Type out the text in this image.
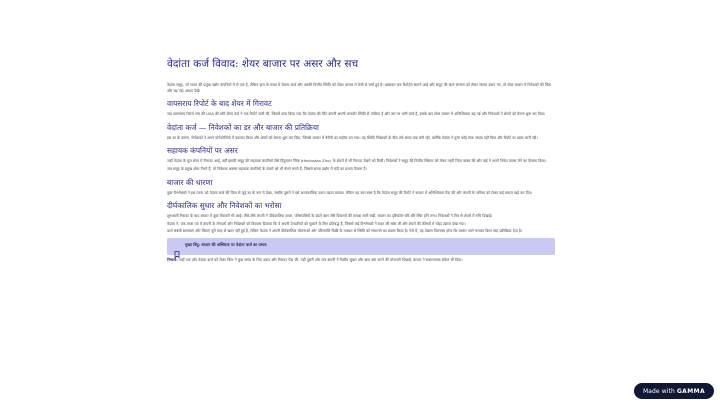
वेदांता कर्ज विवाद: शेयर बाजार पर असर और सच

वेदांता समूह, जो भारत की प्रमुख उद्योग कंपनियों में से एक है, लेकिन हाल के समय में वेदांता कर्ज और उसकी वित्तीय स्थिति को लेकर बाजार में तेजी से चर्चा हुई है। खासकर जब रिपोर्ट्स सामने आईं और समूह की ऋण संरचना को लेकर सवाल उठाए गए, तो शेयर बाजार में निवेशकों की चिंता और बढ़ गई। आइए देखें।

वायसराय रिपोर्ट के बाद शेयर में गिरावट

जब वायसराय रिसर्च नाम की USA की शॉर्ट सेलर फर्म ने एक रिपोर्ट जारी की, जिसमें दावा किया गया कि वेदांता की पैरेंट कंपनी अपनी कमजोर स्थिति से वाकिफ है और उस पर भारी कर्ज है, इसके बाद शेयर बाजार में अनिश्चितता बढ़ गई और निवेशकों ने शेयरों को बेचना शुरू कर दिया।

वेदांता कर्ज — निवेशकों का डर और बाजार की प्रतिक्रिया

इस डर के कारण, निवेशकों ने अपने पोर्टफोलियो में बदलाव किया और शेयरों को बेचना शुरू कर दिया, जिससे बाजार में बेचैनी का माहौल बन गया। यह स्थिति निवेशकों के बीच लंबे समय तक बनी रही, क्योंकि वेदांता ने तुरंत कोई स्पष्ट जवाब नहीं दिया और रिपोर्ट पर बहस जारी रही।

सहायक कंपनियों पर असर

जहाँ वेदांता के मूल शेयर में गिरावट आई, वहीं इसकी समूह की सहायक कंपनियों जैसे हिंदुस्तान जिंक (Hindustan Zinc) के शेयरों में भी गिरावट देखने को मिली। निवेशकों ने समूह की वित्तीय स्थिरता को लेकर गहरी चिंता व्यक्त की और कई ने अपने निवेश वापस लेने का फैसला किया।

जब समूह के प्रमुख शेयर गिरते हैं, तो निवेशक अक्सर सहायक कंपनियों के शेयरों को भी बेचने लगते हैं, जिससे समग्र उद्योग में मंदी का प्रभाव फैलता है।

बाजार की धारणा

कुछ विश्लेषकों ने इस घटना को वेदांता कर्ज की चिंता से जुड़े डर के रूप में देखा, जबकि दूसरों ने इसे अल्पकालिक उतार-चढ़ाव बताया। लेकिन यह बात स्पष्ट है कि वेदांता समूह की रिपोर्ट ने बाजार में अनिश्चितता पैदा की और कंपनी के भविष्य को लेकर कई सवाल खड़े कर दिए।

दीर्घकालिक सुधार और निवेशकों का भरोसा

शुरुआती गिरावट के बाद बाजार में कुछ रिकवरी भी आई। जैसे-जैसे कंपनी ने दीर्घकालिक उधार, परिसंपत्तियों के बदले ऋण जैसे विकल्पों की तलाश जारी रखी, बाजार का दृष्टिकोण धीरे-धीरे स्थिर होने लगा। निवेशकों ने फिर से शेयरों में रुचि दिखाई।

वेदांता ने, एक ताजा पत्र में कंपनी के लेनदारों और निवेशकों को विश्वास दिलाया कि वे अपनी देनदारियों को चुकाने के लिए प्रतिबद्ध हैं, जिससे कई विश्लेषकों ने राहत की सांस ली और शेयरों की कीमतों में थोड़ा उछाल देखा गया।

कर्ज संबंधी समस्याएं और चिंताएं पूरी तरह से खत्म नहीं हुई हैं, लेकिन वेदांता ने अपनी दीर्घकालिक योजनाओं और परिसंपत्ति बिक्री के माध्यम से स्थिति को संभालने का प्रयास किया है। ऐसे में, यह देखना दिलचस्प होगा कि बाजार आगे चलकर किस तरह प्रतिक्रिया देता है।

मुख्य बिंदु: बाजार की अस्थिरता पर वेदांता कर्ज का प्रभाव

निष्कर्ष: जहाँ एक ओर वेदांता कर्ज को लेकर चिंता ने कुछ समय के लिए दबाव और गिरावट पैदा की, वहीं दूसरी ओर जब कंपनी ने वित्तीय सुधार और ऋण कम करने की योजनाएँ दिखाईं, बाजार ने सकारात्मक संकेत भी दिया।

Made with GAMMA
